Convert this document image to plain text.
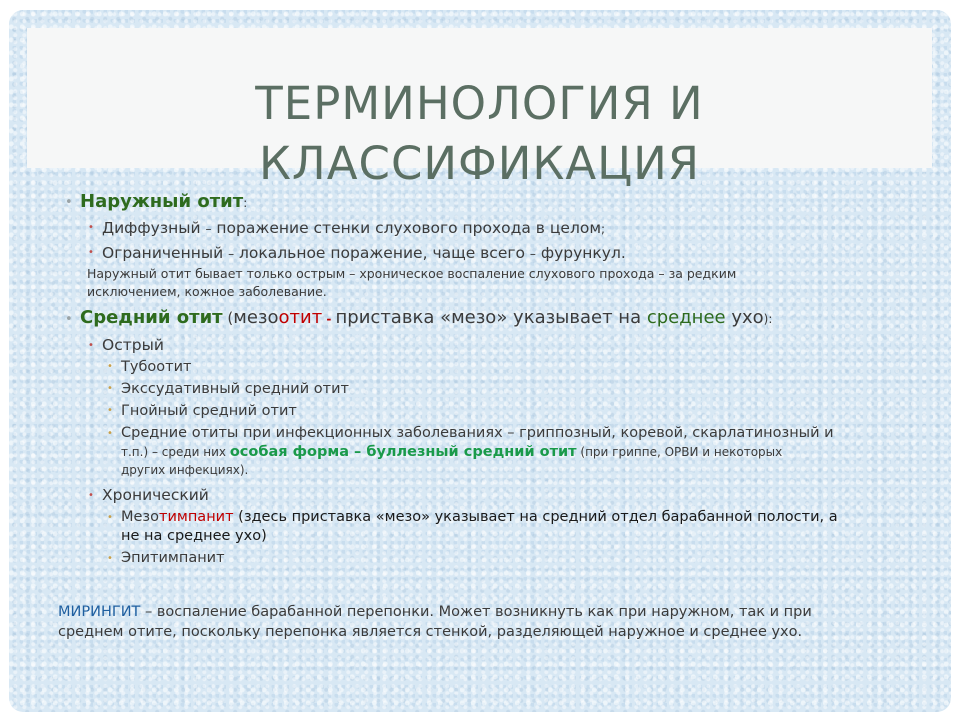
ТЕРМИНОЛОГИЯ И
КЛАССИФИКАЦИЯ
• Наружный отит:
• Диффузный – поражение стенки слухового прохода в целом;
• Ограниченный – локальное поражение, чаще всего – фурункул.
Наружный отит бывает только острым – хроническое воспаление слухового прохода – за редким
исключением, кожное заболевание.
• Средний отит (мезоотит - приставка «мезо» указывает на среднее ухо):
• Острый
• Тубоотит
• Экссудативный средний отит
• Гнойный средний отит
• Средние отиты при инфекционных заболеваниях – гриппозный, коревой, скарлатинозный и
т.п.) – среди них особая форма – буллезный средний отит (при гриппе, ОРВИ и некоторых
других инфекциях).
• Хронический
• Мезотимпанит (здесь приставка «мезо» указывает на средний отдел барабанной полости, а
не на среднее ухо)
• Эпитимпанит
МИРИНГИТ – воспаление барабанной перепонки. Может возникнуть как при наружном, так и при
среднем отите, поскольку перепонка является стенкой, разделяющей наружное и среднее ухо.
